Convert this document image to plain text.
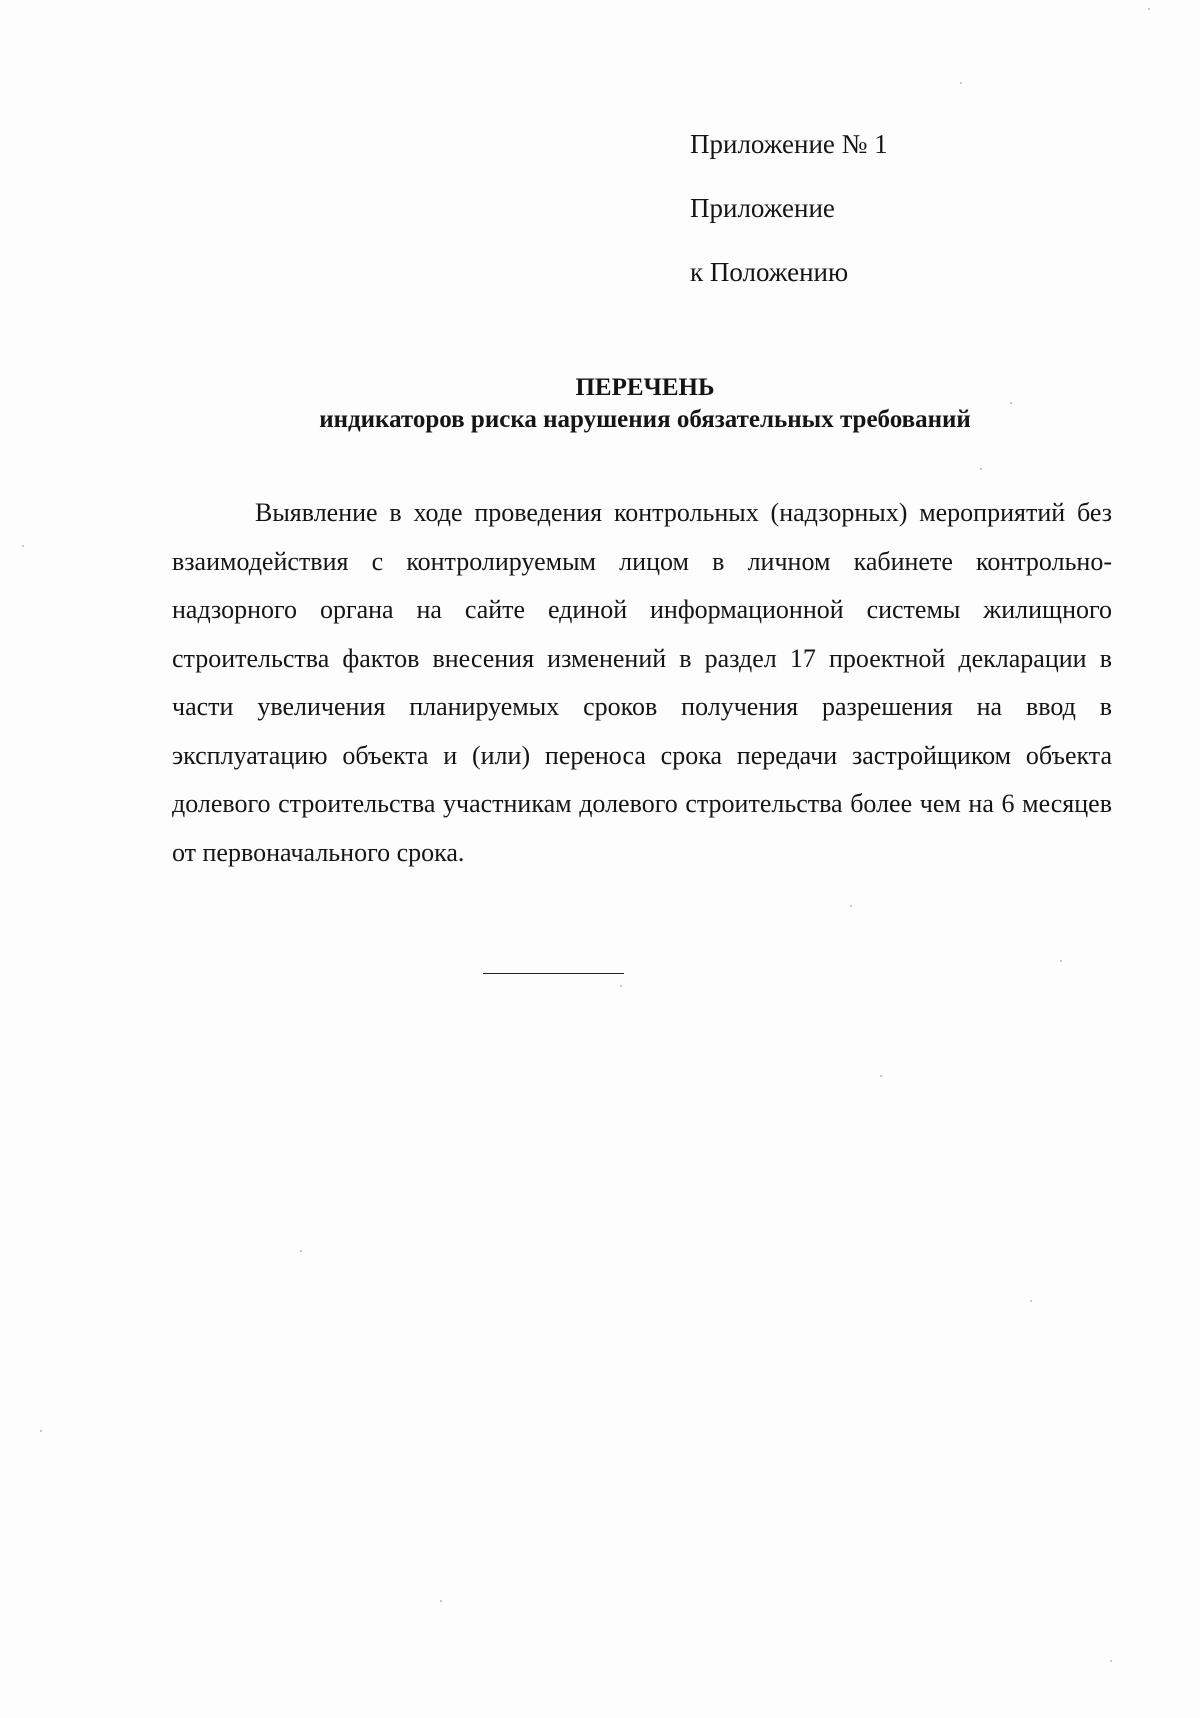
Приложение № 1
Приложение
к Положению
ПЕРЕЧЕНЬ
индикаторов риска нарушения обязательных требований

Выявление в ходе проведения контрольных (надзорных) мероприятий без взаимодействия с контролируемым лицом в личном кабинете контрольно-надзорного органа на сайте единой информационной системы жилищного строительства фактов внесения изменений в раздел 17 проектной декларации в части увеличения планируемых сроков получения разрешения на ввод в эксплуатацию объекта и (или) переноса срока передачи застройщиком объекта долевого строительства участникам долевого строительства более чем на 6 месяцев от первоначального срока.
